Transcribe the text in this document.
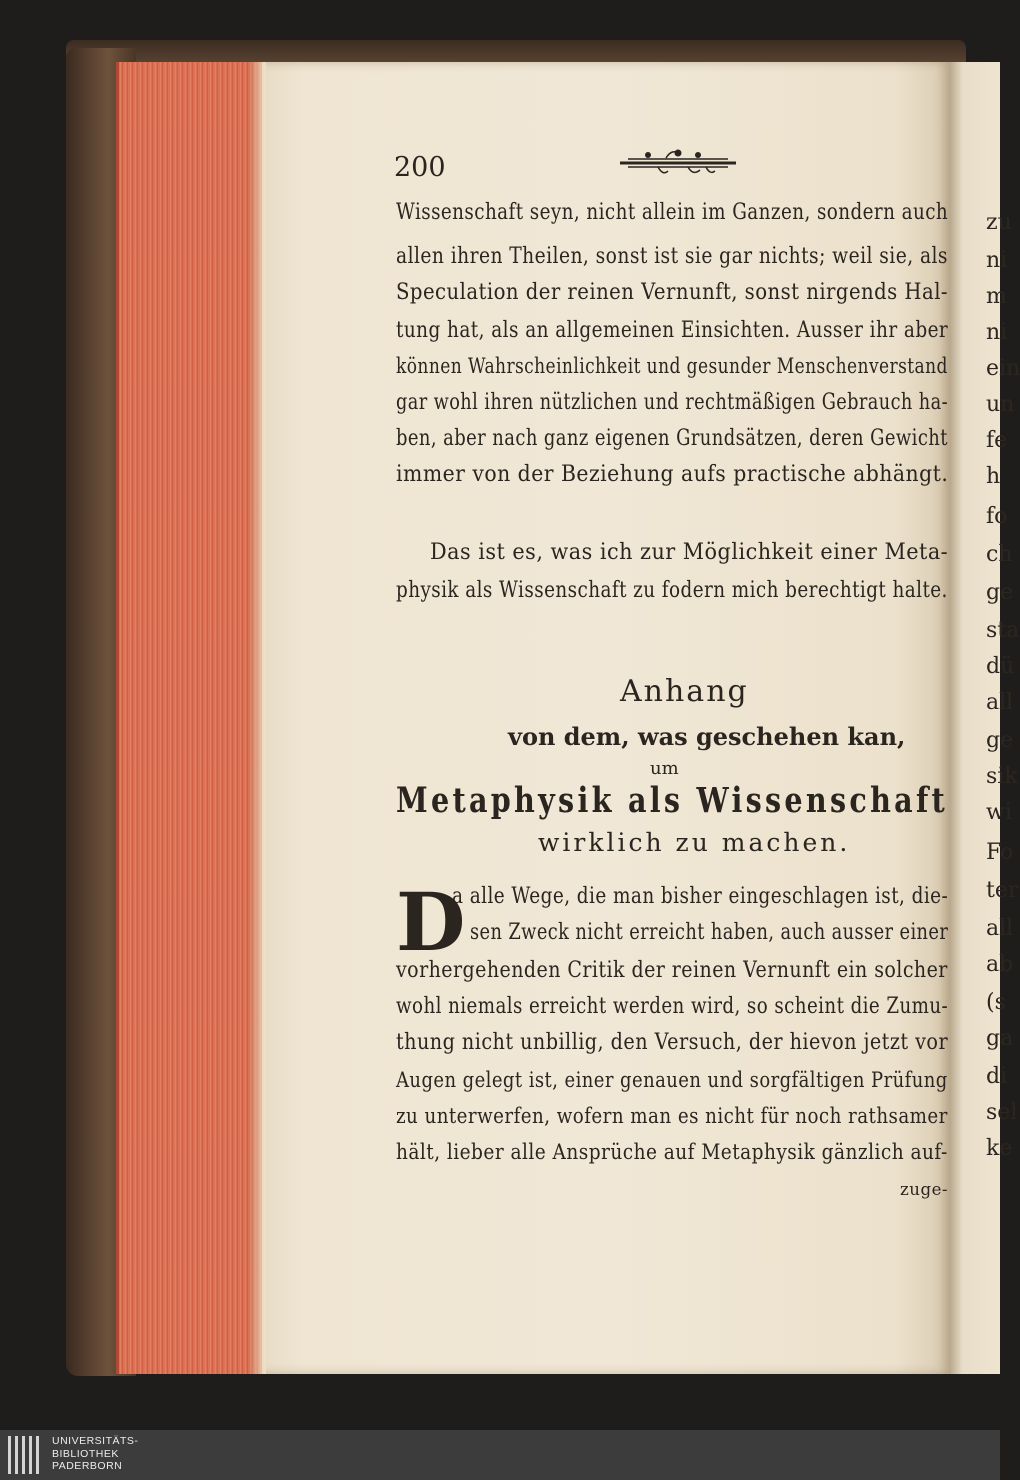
200
Wissenschaft seyn, nicht allein im Ganzen, sondern auch
allen ihren Theilen, sonst ist sie gar nichts; weil sie, als
Speculation der reinen Vernunft, sonst nirgends Hal-
tung hat, als an allgemeinen Einsichten. Ausser ihr aber
können Wahrscheinlichkeit und gesunder Menschenverstand
gar wohl ihren nützlichen und rechtmäßigen Gebrauch ha-
ben, aber nach ganz eigenen Grundsätzen, deren Gewicht
immer von der Beziehung aufs practische abhängt.
Das ist es, was ich zur Möglichkeit einer Meta-
physik als Wissenschaft zu fodern mich berechtigt halte.
Anhang
von dem, was geschehen kan,
um
Metaphysik als Wissenschaft
wirklich zu machen.
D
a alle Wege, die man bisher eingeschlagen ist, die-
sen Zweck nicht erreicht haben, auch ausser einer
vorhergehenden Critik der reinen Vernunft ein solcher
wohl niemals erreicht werden wird, so scheint die Zumu-
thung nicht unbillig, den Versuch, der hievon jetzt vor
Augen gelegt ist, einer genauen und sorgfältigen Prüfung
zu unterwerfen, wofern man es nicht für noch rathsamer
hält, lieber alle Ansprüche auf Metaphysik gänzlich auf-
zuge-
zu
ni
m
ni
ein
un
fe
h
fo
ch
ge
sta
dü
all
ge
sik
wi
Fo
ter
all
ab
(s
ga
di
sel
ke
UNIVERSITÄTS-
BIBLIOTHEK
PADERBORN
